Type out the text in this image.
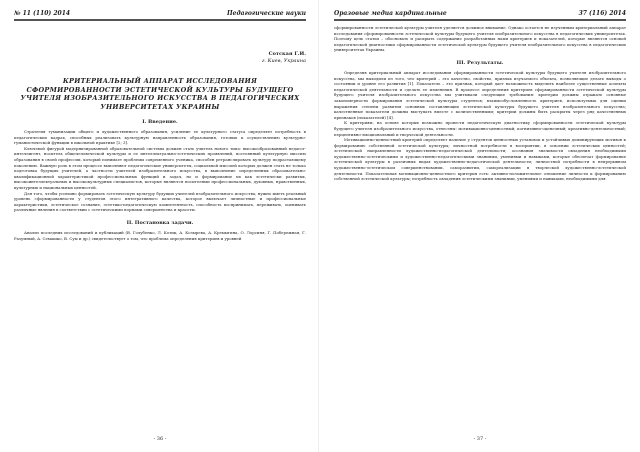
№ 11 (110) 2014	Педагогические науки
Сотская Г.И.
г. Киев, Украина
КРИТЕРИАЛЬНЫЙ АППАРАТ ИССЛЕДОВАНИЯ СФОРМИРОВАННОСТИ ЭСТЕТИЧЕСКОЙ КУЛЬТУРЫ БУДУЩЕГО УЧИТЕЛЯ ИЗОБРАЗИТЕЛЬНОГО ИСКУССТВА В ПЕДАГОГИЧЕСКИХ УНИВЕРСИТЕТАХ УКРАИНЫ
I. Введение.

Стратегия гуманизации общего и художественного образования, усиление ее культурного статуса определяет потребность в педагогических кадрах, способных реализовать культурную направленность образования, готовых к осуществлению культурно-гуманистической функции в школьной практике [2; 3].

Ключевой фигурой модернизированной образовательной системы должен стать учитель нового типа: высокообразованный педагог-интеллигент, носитель общечеловеческой культуры и ее интеллектуально-эстетических проявлений, постоянный культурную миссию образования в своей профессии, который понимает проблемы современного ученика, способен ретранслировать культуру подрастающему поколению. Важную роль в этом процессе выполняют педагогические университеты, социальной миссией которых должен стать не только подготовка будущих учителей, а частности учителей изобразительного искусства, в выполнение определенных образовательно-квалификационной характеристикой профессиональных функций и задач, но и формирование их как эстетически развитых, высокоинтеллектуальных и высококультурных специалистов, которые являются носителями профессиональных, духовных, нравственных, культурных и национальных ценностей.

Для того, чтобы успешно формировать эстетическую культуру будущих учителей изобразительного искусства, нужно иметь реальный уровень сформированности у студентов этого интегративного качества, которое включает личностные и профессиональные характеристики, эстетическое сознание, эстетико-педагогическую компетентность, способность воспринимать, переживать, оценивать различные явления в соответствии с эстетическими нормами совершенства и красоты.

II. Постановка задачи.

Анализ последних исследований и публикаций (В. Голубенко, Л. Котик, А. Козырева, А. Кремыгина, О. Лорсиня, Г. Побережная, Г. Разумный, А. Семашко, В. Сум и др.) свидетельствует о том, что проблема определения критериев и уровней

- 36 -
Оразовые медиа кардинальные	37 (116) 2014

сформированности эстетической культуры учителя уделяется должное внимание. Однако остается не изученным критериальный аппарат исследования сформированности эстетической культуры будущего учителя изобразительного искусства в педагогических университетах. Поэтому цель статьи – обосновать и раскрыть содержание разработанных нами критериев и показателей, которые являются основой педагогической диагностики сформированности эстетической культуры будущего учителя изобразительного искусства в педагогических университетах Украины.

III. Результаты.

Определяя критериальный аппарат исследования сформированности эстетической культуры будущего учителя изобразительного искусства, мы выходили из того, что критерий – это качество, свойство, признак изучаемого объекта, позволяющие делать выводы о состоянии и уровне его развития [1]. Показатель – это признак, который дает возможность выделить наиболее существенные аспекты педагогической деятельности и сделать ее изменения. В процессе определения критериев сформированности эстетической культуры будущего учителя изобразительного искусства мы учитывали следующие требования: критерии должны отражать основные закономерности формирования эстетической культуры студентов; взаимообусловленность критериев, используемых для оценки выражения степени развития основных составляющих эстетической культуры будущего учителя изобразительного искусства; качественные показатели должны выступать вместе с количественными; критерии должны быть раскрыты через ряд качественных признаков (показателей) [4].

К критериям, на основе которых возможно провести педагогическую диагностику сформированности эстетической культуры будущего учителя изобразительного искусства, отнесены: мотивационно-ценностный; когнитивно-оценочный; креативно-деятельностный; перцептивно-эмоциональный и творческой деятельности.

Мотивационно-ценностный критерий определяет наличие у студентов ценностных установок и устойчивых доминирующих мотивов к формированию собственной эстетической культуры; личностной потребности в восприятии, в освоении эстетических ценностей; эстетической направленности художественно-педагогической деятельности; осознания значимости овладения необходимыми художественно-эстетическими и художественно-педагогическими знаниями, умениями и навыками, которые обеспечат формирование эстетической культуры в различных видах художественно-педагогической деятельности; личностной потребности в непрерывном художественно-эстетическом совершенствовании, саморазвитии, самореализации в творческой художественно-эстетической деятельности. Показательная мотивационно-ценностного критерия есть: активно-положительное отношение личности к формированию собственной эстетической культуры; потребность овладения эстетическими знаниями, умениями и навыками, необходимыми для

- 37 -
